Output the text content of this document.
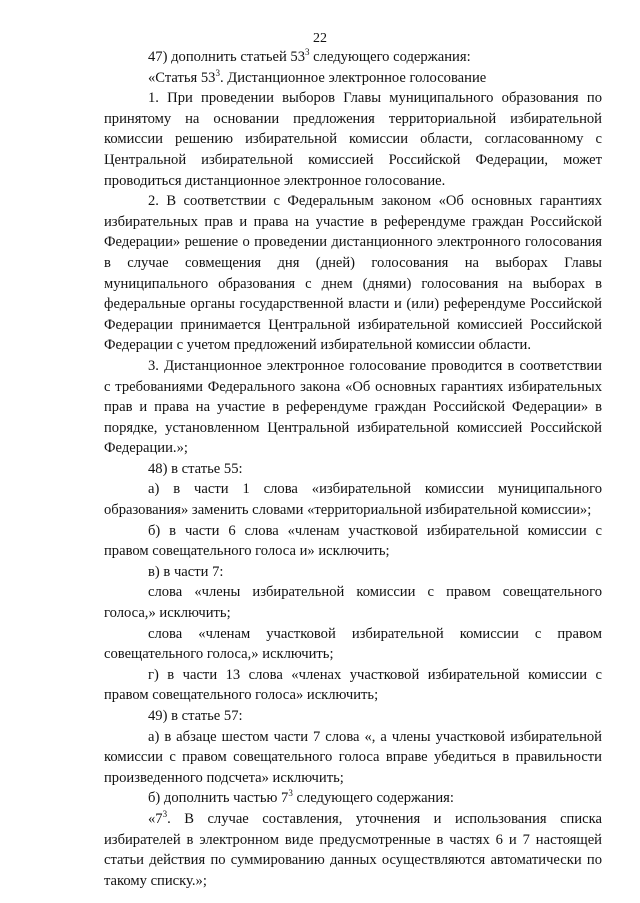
22

47) дополнить статьей $53^3$ следующего содержания:

«Статья $53^3$. Дистанционное электронное голосование

1. При проведении выборов Главы муниципального образования по принятому на основании предложения территориальной избирательной комиссии решению избирательной комиссии области, согласованному с Центральной избирательной комиссией Российской Федерации, может проводиться дистанционное электронное голосование.

2. В соответствии с Федеральным законом «Об основных гарантиях избирательных прав и права на участие в референдуме граждан Российской Федерации» решение о проведении дистанционного электронного голосования в случае совмещения дня (дней) голосования на выборах Главы муниципального образования с днем (днями) голосования на выборах в федеральные органы государственной власти и (или) референдуме Российской Федерации принимается Центральной избирательной комиссией Российской Федерации с учетом предложений избирательной комиссии области.

3. Дистанционное электронное голосование проводится в соответствии с требованиями Федерального закона «Об основных гарантиях избирательных прав и права на участие в референдуме граждан Российской Федерации» в порядке, установленном Центральной избирательной комиссией Российской Федерации.»;

48) в статье 55:

а) в части 1 слова «избирательной комиссии муниципального образования» заменить словами «территориальной избирательной комиссии»;

б) в части 6 слова «членам участковой избирательной комиссии с правом совещательного голоса и» исключить;

в) в части 7:

слова «члены избирательной комиссии с правом совещательного голоса,» исключить;

слова «членам участковой избирательной комиссии с правом совещательного голоса,» исключить;

г) в части 13 слова «членах участковой избирательной комиссии с правом совещательного голоса» исключить;

49) в статье 57:

а) в абзаце шестом части 7 слова «, а члены участковой избирательной комиссии с правом совещательного голоса вправе убедиться в правильности произведенного подсчета» исключить;

б) дополнить частью $7^3$ следующего содержания:

«$7^3$. В случае составления, уточнения и использования списка избирателей в электронном виде предусмотренные в частях 6 и 7 настоящей статьи действия по суммированию данных осуществляются автоматически по такому списку.»;
